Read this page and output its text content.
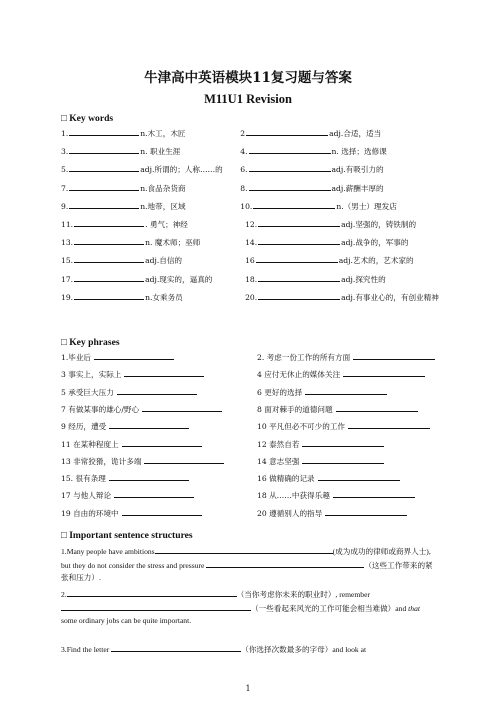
牛津高中英语模块11复习题与答案
M11U1 Revision
□ Key words
1.	n.木工，木匠	2	adj.合适，适当
3.	n. 职业生涯	4.	n. 选择；选修课
5.	adj.所谓的；人称……的 6.	adj.有吸引力的
7.	n.食品杂货商	8.	adj.薪酬丰厚的
9.	n.地带，区域	10.	n.（男士）理发店
11.	. 勇气；神经	12.	adj.坚强的，铸铁制的
13.	n. 魔术师；巫师	14.	adj.战争的，军事的
15.	adj.自信的	16	adj.艺术的，艺术家的
17.	adj.现实的，逼真的	18.	adj.探究性的
19.	n.女乘务员	20.	adj.有事业心的，有创业精神
□ Key phrases
1.毕业后	2. 考虑一份工作的所有方面
3 事实上，实际上	4 应付无休止的媒体关注
5 承受巨大压力	6 更好的选择
7 有做某事的雄心/野心	8 面对棘手的道德问题
9 经历，遭受	10 平凡但必不可少的工作
11 在某种程度上	12 泰然自若
13 非常狡猾，诡计多端	14 意志坚强
15. 很有条理	16 做精确的记录
17 与他人辩论	18 从……中获得乐趣
19 自由的环境中	20 遵循别人的指导
□ Important sentence structures
1.Many people have ambitions	(成为成功的律师或商界人士), but they do not consider the stress and pressure	（这些工作带来的紧张和压力）.
2.	（当你考虑你未来的职业时）, remember（一些看起来风光的工作可能会相当难做）and that some ordinary jobs can be quite important.
3.Find the letter	（你选择次数最多的字母）and look at
1
